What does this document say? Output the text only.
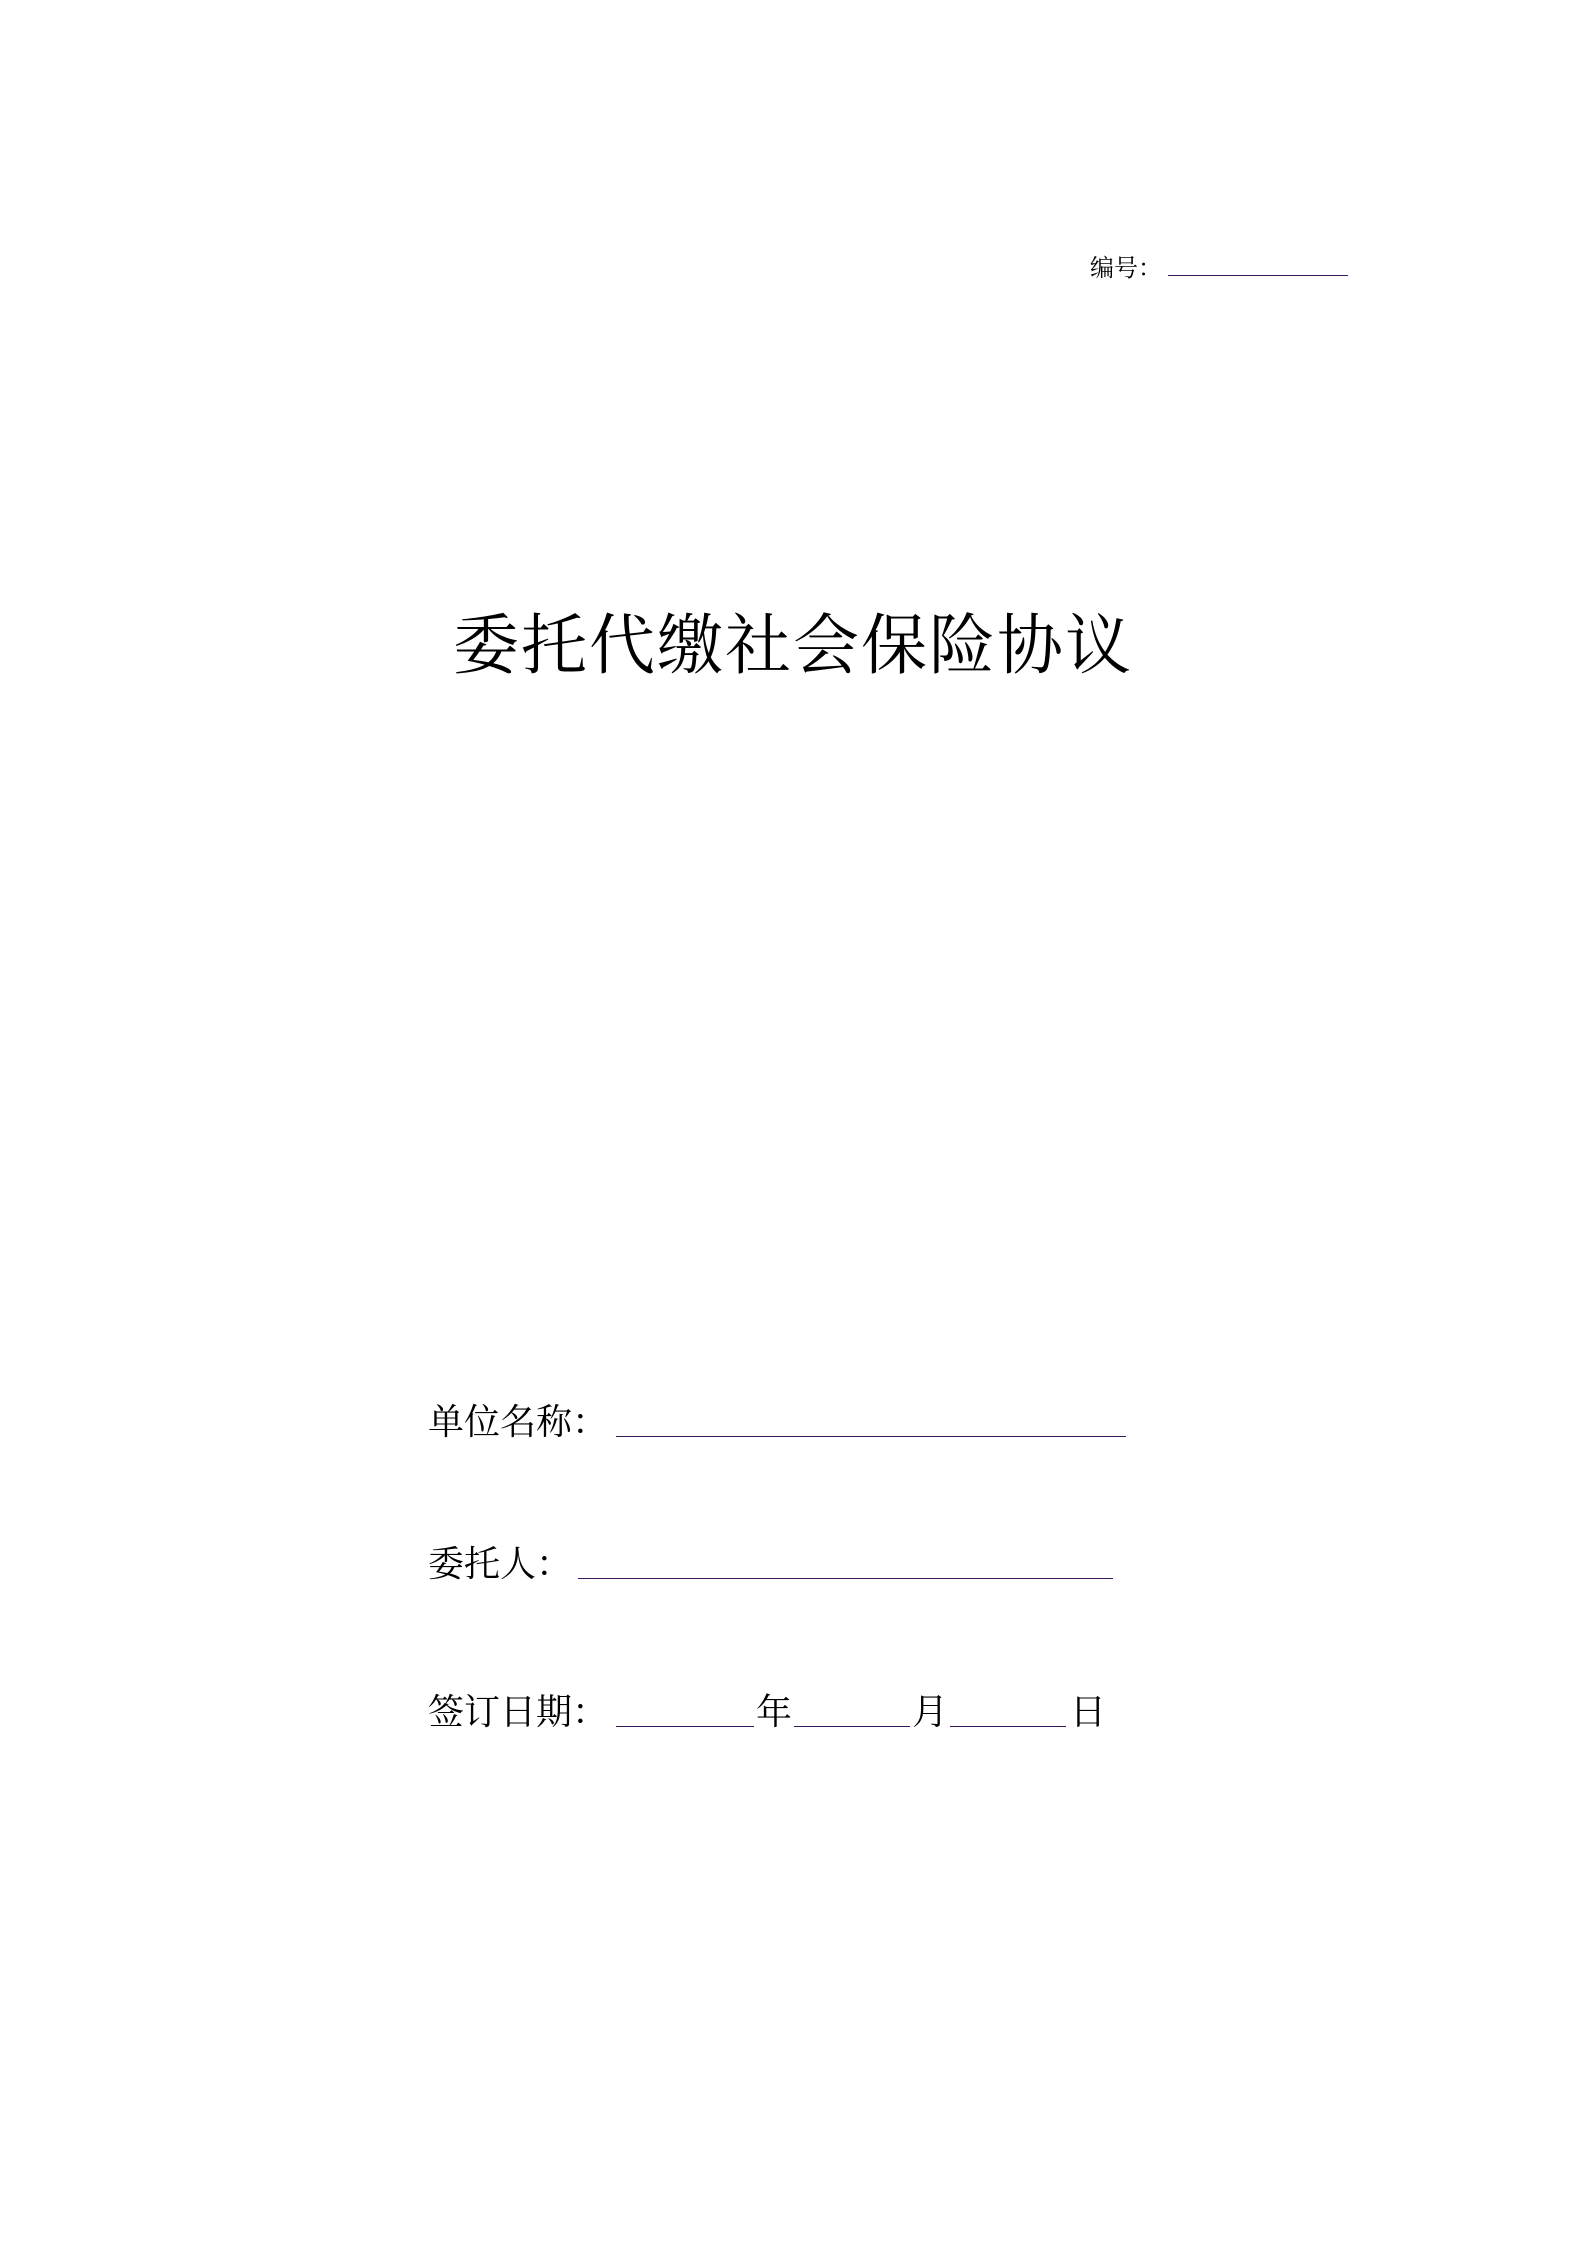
编号：
委托代缴社会保险协议
单位名称：
委托人：
签订日期：	年	月	日
